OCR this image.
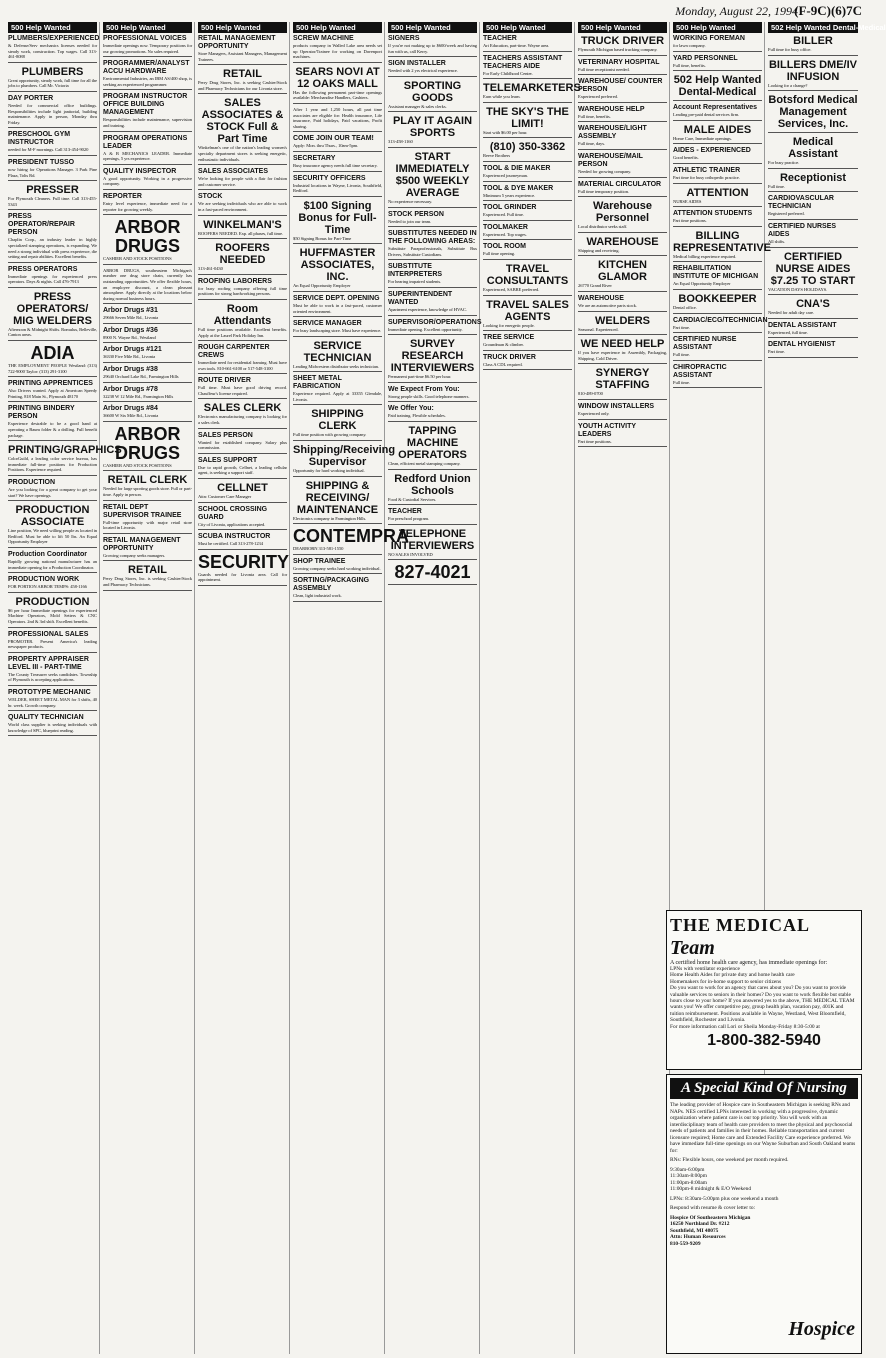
Monday, August 22, 1994
(F-9C)(6)7C
500 Help Wanted
PLUMBERS/EXPERIENCED
& Defense/Serv mechanics licenses needed for steady work, construction. Top wages. Call 313-461-8088
PLUMBERS
Great opportunity, steady work, full time for all the jobs to plumbers. Call Mr. Victoria
DAY PORTER
Needed for commercial office buildings. Responsibilities include light janitorial, building maintenance. Apply in person, Monday thru Friday.
PRESCHOOL GYM INSTRUCTOR
needed for M-F mornings. Call 313-454-9020
PRESIDENT TUSSO
now hiring for Operations Manager. 3 Park Pine Plaza, Tolts Rd.
PRESSER
For Plymouth Cleaners. Full time. Call 313-455-5343
PRESS OPERATOR/REPAIR PERSON
Chaplin Corp., an industry leader in highly specialized stamping operations, is expanding. We need a strong individual with press experience, die setting and repair abilities. Excellent benefits.
PRESS OPERATORS
Immediate openings for experienced press operators. Days & nights. Call 476-7913
PRESS OPERATORS/ MIG WELDERS
Afternoon & Midnight Shifts. Romulus, Belleville, Canton areas.
ADIA
THE EMPLOYMENT PEOPLE Westland: (313) 722-9000 Taylor: (313) 291-3100
PRINTING APPRENTICES
Also Drivers wanted. Apply at American Speedy Printing, 818 Main St., Plymouth 48170
PRINTING BINDERY PERSON
Experience desirable to be a good hand at operating a Baum folder & a drilling. Full benefit package.
PRINTING/GRAPHICS
ColorGuild, a leading color service bureau, has immediate full-time positions for Production Positions. Experience required.
PRODUCTION
Are you looking for a great company to get your start? We have openings.
PRODUCTION ASSOCIATE
Line position, We need willing people as located in Redford. Must be able to lift 50 lbs. An Equal Opportunity Employer
Production Coordinator
Rapidly growing national manufacturer has an immediate opening for a Production Coordinator.
PRODUCTION WORK
FOR PORTION ARBOR TEMPS: 458-1166
PRODUCTION
$6 per hour Immediate openings for experienced Machine Operators, Mold Setters & CNC Operators. 2nd & 3rd shift. Excellent benefits.
PROFESSIONAL SALES
PROMOTER. Present America's leading newspaper products.
PROPERTY APPRAISER LEVEL III - PART-TIME
The County Treasurer seeks candidates. Township of Plymouth is accepting applications.
PROTOTYPE MECHANIC
WELDER, SHEET METAL MAN for 3 shifts, 40 hr. week. Growth company.
QUALITY TECHNICIAN
World class supplier is seeking individuals with knowledge of SPC, blueprint reading.
500 Help Wanted
PROFESSIONAL VOICES
Immediate openings now. Temporary positions for our growing promotions. No sales required.
PROGRAMMER/ANALYST ACCU HARDWARE
Environmental Industries, an IBM AS/400 shop, is seeking an experienced programmer.
PROGRAM INSTRUCTOR OFFICE BUILDING MANAGEMENT
Responsibilities include maintenance, supervision and training.
PROGRAM OPERATIONS LEADER
A & B MECHANICS LEADER. Immediate openings, 5 yrs experience.
QUALITY INSPECTOR
A good opportunity. Working in a progressive company.
REPORTER
Entry level experience, immediate need for a reporter for growing weekly.
ARBOR DRUGS
CASHIER AND STOCK POSITIONS
ARBOR DRUGS, southeastern Michigan's number one drug store chain, currently has outstanding opportunities. We offer flexible hours, an employee discount, a clean pleasant atmosphere. Apply directly at the locations below during normal business hours.
Arbor Drugs #31
29666 Seven Mile Rd., Livonia
Arbor Drugs #36
8900 N. Wayne Rd., Westland
Arbor Drugs #121
36330 Five Mile Rd., Livonia
Arbor Drugs #38
29640 Orchard Lake Rd., Farmington Hills
Arbor Drugs #78
32238 W 12 Mile Rd., Farmington Hills
Arbor Drugs #84
36600 W Six Mile Rd., Livonia
ARBOR DRUGS
CASHIER AND STOCK POSITIONS
RETAIL CLERK
Needed for large sporting goods store. Full or part-time. Apply in person.
RETAIL DEPT SUPERVISOR TRAINEE
Full-time opportunity with major retail store located in Livonia.
RETAIL MANAGEMENT OPPORTUNITY
Growing company seeks managers.
RETAIL
Perry Drug Stores, Inc. is seeking Cashier/Stock and Pharmacy Technicians.
500 Help Wanted
RETAIL MANAGEMENT OPPORTUNITY
Store Managers, Assistant Managers, Management Trainees.
RETAIL
Perry Drug Stores, Inc. is seeking Cashier/Stock and Pharmacy Technicians for our Livonia store.
SALES ASSOCIATES & STOCK Full & Part Time
Winkelman's one of the nation's leading women's specialty department stores is seeking energetic, enthusiastic individuals.
SALES ASSOCIATES
We're looking for people with a flair for fashion and customer service.
STOCK
We are seeking individuals who are able to work in a fast-paced environment.
WINKELMAN'S
ROOFERS NEEDED. Exp. all phases, full time.
ROOFERS NEEDED
313-461-0430
ROOFING LABORERS
for busy roofing company offering full time positions for strong hardworking persons.
Room Attendants
Full time positions available. Excellent benefits. Apply at the Laurel Park Holiday Inn.
ROUGH CARPENTER CREWS
Immediate need for residential framing. Must have own tools. 810-661-6100 or 517-548-3100
ROUTE DRIVER
Full time. Must have good driving record. Chauffeur's license required.
SALES CLERK
Electronics manufacturing company is looking for a sales clerk.
SALES PERSON
Wanted for established company. Salary plus commission.
SALES SUPPORT
Due to rapid growth, Cellnet, a leading cellular agent, is seeking a support staff.
CELLNET
Attn: Customer Care Manager
SCHOOL CROSSING GUARD
City of Livonia, applications accepted.
SCUBA INSTRUCTOR
Must be certified. Call 313-278-1234
SECURITY
Guards needed for Livonia area. Call for appointment.
500 Help Wanted
SCREW MACHINE
products company in Walled Lake area needs set up Operator/Trainee for working on Davenport machines.
SEARS NOVI AT 12 OAKS MALL
Has the following permanent part-time openings available: Merchandise Handlers, Cashiers.
After 1 year and 1,250 hours, all part time associates are eligible for: Health insurance, Life insurance, Paid holidays, Paid vacations, Profit sharing.
COME JOIN OUR TEAM!
Apply: Mon. thru Thurs., 10am-5pm.
SECRETARY
Busy insurance agency needs full time secretary.
SECURITY OFFICERS
Industrial locations in Wayne, Livonia, Southfield, Redford.
$100 Signing Bonus for Full-Time
$50 Signing Bonus for Part-Time
HUFFMASTER ASSOCIATES, INC.
An Equal Opportunity Employer
SERVICE DEPT. OPENING
Must be able to work in a fast-paced, customer oriented environment.
SERVICE MANAGER
For busy landscaping store. Must have experience.
SERVICE TECHNICIAN
Leading Midwestern distributor seeks technician.
SHEET METAL FABRICATION
Experience required. Apply at 33355 Glendale, Livonia.
SHIPPING CLERK
Full time position with growing company.
Shipping/Receiving Supervisor
Opportunity for hard working individual.
SHIPPING & RECEIVING/ MAINTENANCE
Electronics company in Farmington Hills.
CONTEMPRA
DEARBORN 313-581-1550
SHOP TRAINEE
Growing company seeks hard working individual.
SORTING/PACKAGING ASSEMBLY
Clean, light industrial work.
500 Help Wanted
SIGNERS
If you're not making up to $600/week and having fun with us, call Kerry.
SIGN INSTALLER
Needed with 2 yrs electrical experience.
SPORTING GOODS
Assistant manager & sales clerks.
PLAY IT AGAIN SPORTS
313-458-1160
START IMMEDIATELY $500 WEEKLY AVERAGE
No experience necessary.
STOCK PERSON
Needed to join our team.
SUBSTITUTES NEEDED IN THE FOLLOWING AREAS:
Substitute Paraprofessionals, Substitute Bus Drivers, Substitute Custodians.
SUBSTITUTE INTERPRETERS
For hearing impaired students.
SUPERINTENDENT WANTED
Apartment experience, knowledge of HVAC.
SUPERVISOR/OPERATIONS
Immediate opening. Excellent opportunity.
SURVEY RESEARCH INTERVIEWERS
Permanent part-time $6.50 per hour.
We Expect From You:
Strong people skills. Good telephone manners.
We Offer You:
Paid training. Flexible schedules.
TAPPING MACHINE OPERATORS
Clean, efficient metal stamping company.
Redford Union Schools
Food & Custodial Services.
TEACHER
For preschool program.
TELEPHONE INTERVIEWERS
NO SALES INVOLVED
827-4021
500 Help Wanted
TEACHER
Art Education, part-time. Wayne area.
TEACHERS ASSISTANT TEACHERS AIDE
For Early Childhood Center.
TELEMARKETERS
Earn while you learn.
THE SKY'S THE LIMIT!
Start with $6.00 per hour.
(810) 350-3362
Reeve Brothers
TOOL & DIE MAKER
Experienced journeyman.
TOOL & DYE MAKER
Minimum 5 years experience.
TOOL GRINDER
Experienced. Full time.
TOOLMAKER
Experienced. Top wages.
TOOL ROOM
Full time opening.
TRAVEL CONSULTANTS
Experienced, SABRE preferred.
TRAVEL SALES AGENTS
Looking for energetic people.
TREE SERVICE
Groundman & climber.
TRUCK DRIVER
Class A CDL required.
500 Help Wanted
TRUCK DRIVER
Plymouth Michigan based trucking company.
VETERINARY HOSPITAL
Full time receptionist needed.
WAREHOUSE/ COUNTER PERSON
Experienced preferred.
WAREHOUSE HELP
Full time, benefits.
WAREHOUSE/LIGHT ASSEMBLY
Full time, days.
WAREHOUSE/MAIL PERSON
Needed for growing company.
MATERIAL CIRCULATOR
Full time temporary position.
Warehouse Personnel
Local distributor seeks staff.
WAREHOUSE
Shipping and receiving.
KITCHEN GLAMOR
26770 Grand River
WAREHOUSE
We are an automotive parts stock.
WELDERS
Seasonal. Experienced.
WE NEED HELP
If you have experience in: Assembly, Packaging, Shipping, Cold Driver.
SYNERGY STAFFING
810-489-0700
WINDOW INSTALLERS
Experienced only.
YOUTH ACTIVITY LEADERS
Part time positions.
500 Help Wanted
WORKING FOREMAN
for lawn company.
YARD PERSONNEL
Full time, benefits.
502 Help Wanted Dental-Medical
Account Representatives
Leading pre-paid dental services firm.
MALE AIDES
Home Care, Immediate openings.
AIDES - EXPERIENCED
Good benefits.
ATHLETIC TRAINER
Part time for busy orthopedic practice.
ATTENTION
NURSE AIDES
ATTENTION STUDENTS
Part time positions.
BILLING REPRESENTATIVE
Medical billing experience required.
REHABILITATION INSTITUTE OF MICHIGAN
An Equal Opportunity Employer
BOOKKEEPER
Dental office.
CARDIAC/ECG/TECHNICIAN
Part time.
CERTIFIED NURSE ASSISTANT
Full time.
CHIROPRACTIC ASSISTANT
Full time.
502 Help Wanted Dental-Medical
BILLER
Full time for busy office.
BILLERS DME/IV INFUSION
Looking for a change?
Botsford Medical Management Services, Inc.
Medical Assistant
For busy practice.
Receptionist
Full time.
CARDIOVASCULAR TECHNICIAN
Registered preferred.
CERTIFIED NURSES AIDES
All shifts.
CERTIFIED NURSE AIDES $7.25 TO START
VACATION DAYS HOLIDAYS.
CNA'S
Needed for adult day care.
DENTAL ASSISTANT
Experienced, full time.
DENTAL HYGIENIST
Part time.
THE MEDICAL Team
A certified home health care agency, has immediate openings for:
LPNs with ventilator experience
Home Health Aides for private duty and home health care
Homemakers for in-home support to senior citizens
Do you want to work for an agency that cares about you? Do you want to provide valuable services to seniors in their homes? Do you want to work flexible but stable hours close to your home? If you answered yes to the above, THE MEDICAL TEAM wants you! We offer competitive pay, group health plan, vacation pay, 401K and tuition reimbursement. Positions available in Wayne, Westland, West Bloomfield, Southfield, Rochester and Livonia.
For more information call Lori or Sheila Monday-Friday 8:30-5:00 at
1-800-382-5940
A Special Kind Of Nursing
The leading provider of Hospice care in Southeastern Michigan is seeking RNs and NAPs. NES certified LPNs interested in working with a progressive, dynamic organization where patient care is our top priority. You will work with an interdisciplinary team of health care providers to meet the physical and psychosocial needs of patients and families in their homes. Reliable transportation and current licensure required; Home care and Extended Facility Care experience preferred. We have immediate full-time openings on our Wayne Suburban and South Oakland teams for:
RNs: Flexible hours, one weekend per month required.
9:30am-6:00pm
11:30am-8:00pm
11:00pm-8:00am
11:00pm-8 midnight & E/O Weekend
LPNs: 8:30am-5:00pm plus one weekend a month
Respond with resume & cover letter to:
Hospice Of Southeastern Michigan
16250 Northland Dr. #212
Southfield, MI 48075
Attn: Human Resources
810-559-9209
Hospice
